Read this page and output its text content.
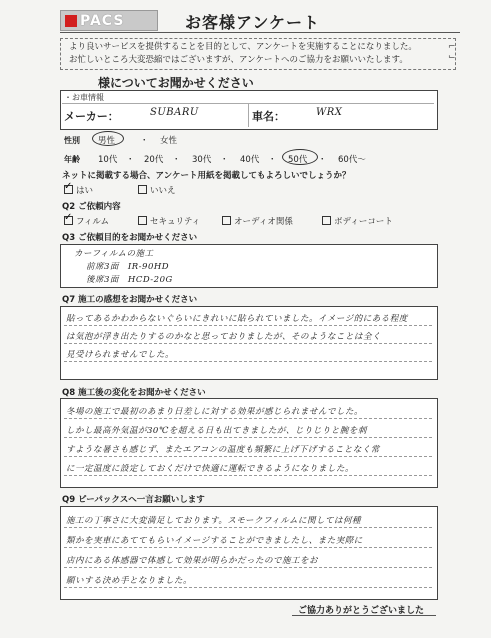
PACS	お客様アンケート
より良いサービスを提供することを目的として、アンケートを実施することになりました。
お忙しいところ大変恐縮ではございますが、アンケートへのご協力をお願いいたします。
⌐
⌙
様についてお聞かせください
・お車情報
メーカー：	SUBARU	車名：	WRX
性別 男性	・ 女性
年齢 10代 ・ 20代 ・ 30代 ・ 40代 ・ 50代 ・ 60代～
ネットに掲載する場合、アンケート用紙を掲載してもよろしいでしょうか？
✓はい	いいえ
Q2 ご依頼内容
✓フィルム	セキュリティ	オーディオ関係	ボディーコート
Q3 ご依頼目的をお聞かせください
カーフィルムの施工
前席3面　IR-90HD
後席3面　HCD-20G
Q7 施工の感想をお聞かせください
貼ってあるかわからないぐらいにきれいに貼られていました。イメージ的にある程度
は気泡が浮き出たりするのかなと思っておりましたが、そのようなことは全く
見受けられませんでした。
Q8 施工後の変化をお聞かせください
冬場の施工で最初のあまり日差しに対する効果が感じられませんでした。
しかし最高外気温が30℃を超える日も出てきましたが、じりじりと腕を刺
すような暑さも感じず、またエアコンの温度も頻繁に上げ下げすることなく常
に一定温度に設定しておくだけで快適に運転できるようになりました。
Q9 ピーパックスへ一言お願いします
施工の丁寧さに大変満足しております。スモークフィルムに関しては何種
類かを実車にあててもらいイメージすることができましたし、また実際に
店内にある体感器で体感して効果が明らかだったので施工をお
願いする決め手となりました。
ご協力ありがとうございました
